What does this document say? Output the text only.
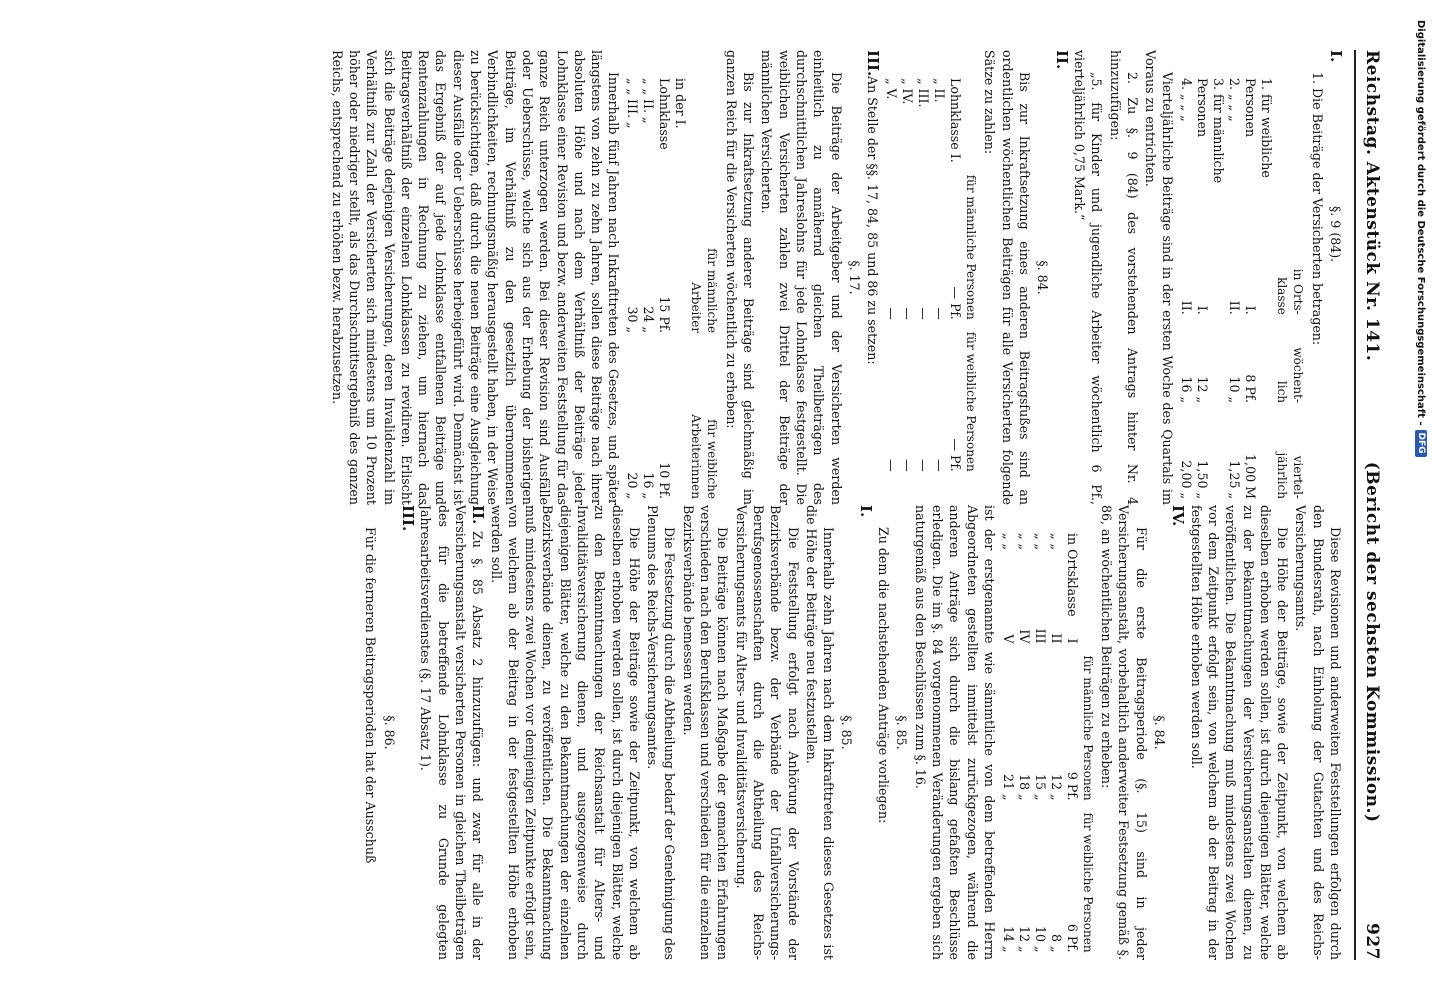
Reichstag. Aktenstück Nr. 141.
(Bericht der sechsten Kommission.)
927

I.§. 9 (84).

1. Die Beiträge der Versicherten betragen:

	in Orts- klasse	wöchent- lich	viertel- jährlich
1. für weibliche Personen	I.	8 Pf.	1,00 M
2. „ „ „	II.	10 „	1,25 „
3. für männliche Personen	I.	12 „	1,50 „
4. „ „ „	II.	16 „	2,00 „

Vierteljährliche Beiträge sind in der ersten Woche des Quartals im Voraus zu entrichten.

2. Zu §. 9 (84) des vorstehenden Antrags hinter Nr. 4 hinzuzufügen:

„5. für Kinder und jugendliche Arbeiter wöchentlich 6 Pf., vierteljährlich 0,75 Mark.“

II.

§. 84.

Bis zur Inkraftsetzung eines anderen Beitragsfußes sind an ordentlichen wöchentlichen Beiträgen für alle Versicherten folgende Sätze zu zahlen:

	für männliche Personen	für weibliche Personen
Lohnklasse I.	— Pf.	— Pf.
„ II.	—	—
„ III.	—	—
„ IV.	—	—
„ V.	—	—

III.An Stelle der §§. 17, 84, 85 und 86 zu setzen:

§. 17.

Die Beiträge der Arbeitgeber und der Versicherten werden einheitlich zu annähernd gleichen Theilbeträgen des durchschnittlichen Jahreslohns für jede Lohnklasse festgestellt. Die weiblichen Versicherten zahlen zwei Drittel der Beiträge der männlichen Versicherten.

Bis zur Inkraftsetzung anderer Beiträge sind gleichmäßig im ganzen Reich für die Versicherten wöchentlich zu erheben:

	für männliche Arbeiter	für weibliche Arbeiterinnen
in der I. Lohnklasse	15 Pf.	10 Pf.
„ „ II. „	24 „	16 „
„ „ III. „	30 „	20 „

Innerhalb fünf Jahren nach Inkrafttreten des Gesetzes, und später längstens von zehn zu zehn Jahren, sollen diese Beiträge nach ihrer absoluten Höhe und nach dem Verhältniß der Beiträge jeder Lohnklasse einer Revision und bezw. anderweiten Feststellung für das ganze Reich unterzogen werden. Bei dieser Revision sind Ausfälle oder Ueberschüsse, welche sich aus der Erhebung der bisherigen Beiträge, im Verhältniß zu den gesetzlich übernommenen Verbindlichkeiten, rechnungsmäßig herausgestellt haben, in der Weise zu berücksichtigen, daß durch die neuen Beiträge eine Ausgleichung dieser Ausfälle oder Ueberschüsse herbeigeführt wird. Demnächst ist das Ergebniß der auf jede Lohnklasse entfallenen Beiträge und Rentenzahlungen in Rechnung zu ziehen, um hiernach das Beitragsverhältniß der einzelnen Lohnklassen zu revidiren. Erlischt sich die Beiträge derjenigen Versicherungen, deren Invalidenzahl im Verhältniß zur Zahl der Versicherten sich mindestens um 10 Prozent höher oder niedriger stellt, als das Durchschnittsergebniß des ganzen Reichs, entsprechend zu erhöhen bezw. herabzusetzen.

Diese Revisionen und anderweiten Feststellungen erfolgen durch den Bundesrath, nach Einholung der Gutachten und des Reichs-Versicherungsamts.

Die Höhe der Beiträge, sowie der Zeitpunkt, von welchem ab dieselben erhoben werden sollen, ist durch diejenigen Blätter, welche zu der Bekanntmachungen der Versicherungsanstalten dienen, zu veröffentlichen. Die Bekanntmachung muß mindestens zwei Wochen vor dem Zeitpunkt erfolgt sein, von welchem ab der Beitrag in der festgestellten Höhe erhoben werden soll.

IV.

§. 84.

Für die erste Beitragsperiode (§. 15) sind in jeder Versicherungsanstalt, vorbehaltlich anderweiter Festsetzung gemäß §. 86, an wöchentlichen Beiträgen zu erheben:

		für männliche Personen	für weibliche Personen
in Ortsklasse	I	9 Pf.	6 Pf.
„ „	II	12 „	8 „
„ „	III	15 „	10 „
„ „	IV	18 „	12 „
„ „	V	21 „	14 „

ist der erstgenannte wie sämmtliche von dem betreffenden Herrn Abgeordneten gestellten inmittelst zurückgezogen, während die anderen Anträge sich durch die bislang gefaßten Beschlüsse erledigen. Die im §. 84 vorgenommenen Veränderungen ergeben sich naturgemäß aus den Beschlüssen zum §. 16.

§. 85.

Zu dem die nachstehenden Anträge vorliegen:

I.

§. 85.

Innerhalb zehn Jahren nach dem Inkrafttreten dieses Gesetzes ist die Höhe der Beiträge neu festzustellen.

Die Feststellung erfolgt nach Anhörung der Vorstände der Bezirksverbände bezw. der Verbände der Unfallversicherungs-Berufsgenossenschaften durch die Abtheilung des Reichs-Versicherungsamts für Alters- und Invaliditätsversicherung.

Die Beiträge können nach Maßgabe der gemachten Erfahrungen verschieden nach den Berufsklassen und verschieden für die einzelnen Bezirksverbände bemessen werden.

Die Festsetzung durch die Abtheilung bedarf der Genehmigung des Plenums des Reichs-Versicherungsamtes.

Die Höhe der Beiträge sowie der Zeitpunkt, von welchem ab dieselben erhoben werden sollen, ist durch diejenigen Blätter, welche zu den Bekanntmachungen der Reichsanstalt für Alters- und Invaliditätsversicherung dienen, und ausgezogenweise durch diejenigen Blätter, welche zu den Bekanntmachungen der einzelnen Bezirksverbände dienen, zu veröffentlichen. Die Bekanntmachung muß mindestens zwei Wochen vor demjenigen Zeitpunkte erfolgt sein, von welchem ab der Beitrag in der festgestellten Höhe erhoben werden soll.

II.Zu §. 85 Absatz 2 hinzuzufügen: und zwar für alle in der Versicherungsanstalt versicherten Personen in gleichen Theilbeträgen des für die betreffende Lohnklasse zu Grunde gelegten Jahresarbeitsverdienstes (§. 17 Absatz 1).

III.

§. 86.

Für die ferneren Beitragsperioden hat der Ausschuß

Digitalisierung gefördert durch die Deutsche Forschungsgemeinschaft -
DFG
